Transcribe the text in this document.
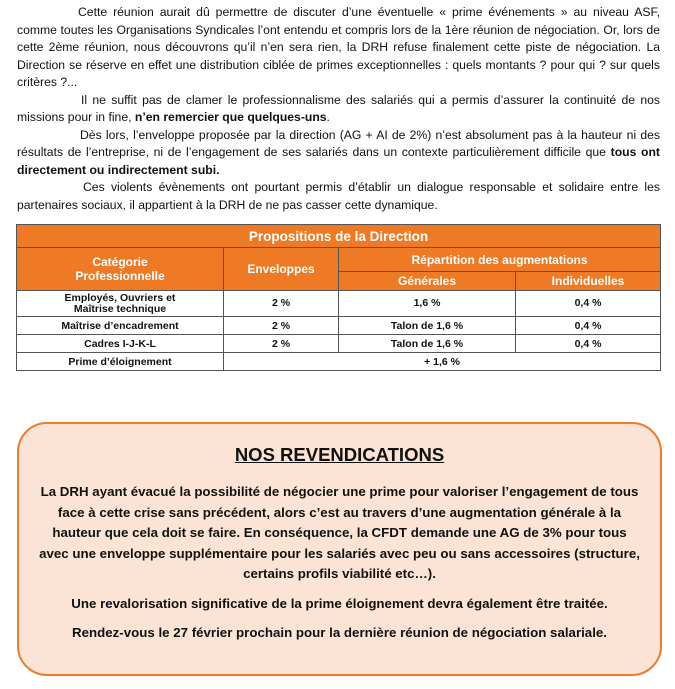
Cette réunion aurait dû permettre de discuter d’une éventuelle « prime événements » au niveau ASF, comme toutes les Organisations Syndicales l’ont entendu et compris lors de la 1ère réunion de négociation. Or, lors de cette 2ème réunion, nous découvrons qu’il n’en sera rien, la DRH refuse finalement cette piste de négociation. La Direction se réserve en effet une distribution ciblée de primes exceptionnelles : quels montants ? pour qui ? sur quels critères ?...

Il ne suffit pas de clamer le professionnalisme des salariés qui a permis d’assurer la continuité de nos missions pour in fine, n’en remercier que quelques-uns.

Dès lors, l’enveloppe proposée par la direction (AG + AI de 2%) n’est absolument pas à la hauteur ni des résultats de l’entreprise, ni de l’engagement de ses salariés dans un contexte particulièrement difficile que tous ont directement ou indirectement subi.

Ces violents évènements ont pourtant permis d’établir un dialogue responsable et solidaire entre les partenaires sociaux, il appartient à la DRH de ne pas casser cette dynamique.

Propositions de la Direction			
Catégorie Professionnelle	Enveloppes	Répartition des augmentations	
		Générales	Individuelles
Employés, Ouvriers et Maîtrise technique	2 %	1,6 %	0,4 %
Maîtrise d’encadrement	2 %	Talon de 1,6 %	0,4 %
Cadres I-J-K-L	2 %	Talon de 1,6 %	0,4 %
Prime d’éloignement	+ 1,6 %		
NOS REVENDICATIONS

La DRH ayant évacué la possibilité de négocier une prime pour valoriser l’engagement de tous face à cette crise sans précédent, alors c’est au travers d’une augmentation générale à la hauteur que cela doit se faire. En conséquence, la CFDT demande une AG de 3% pour tous avec une enveloppe supplémentaire pour les salariés avec peu ou sans accessoires (structure, certains profils viabilité etc…).

Une revalorisation significative de la prime éloignement devra également être traitée.

Rendez-vous le 27 février prochain pour la dernière réunion de négociation salariale.
